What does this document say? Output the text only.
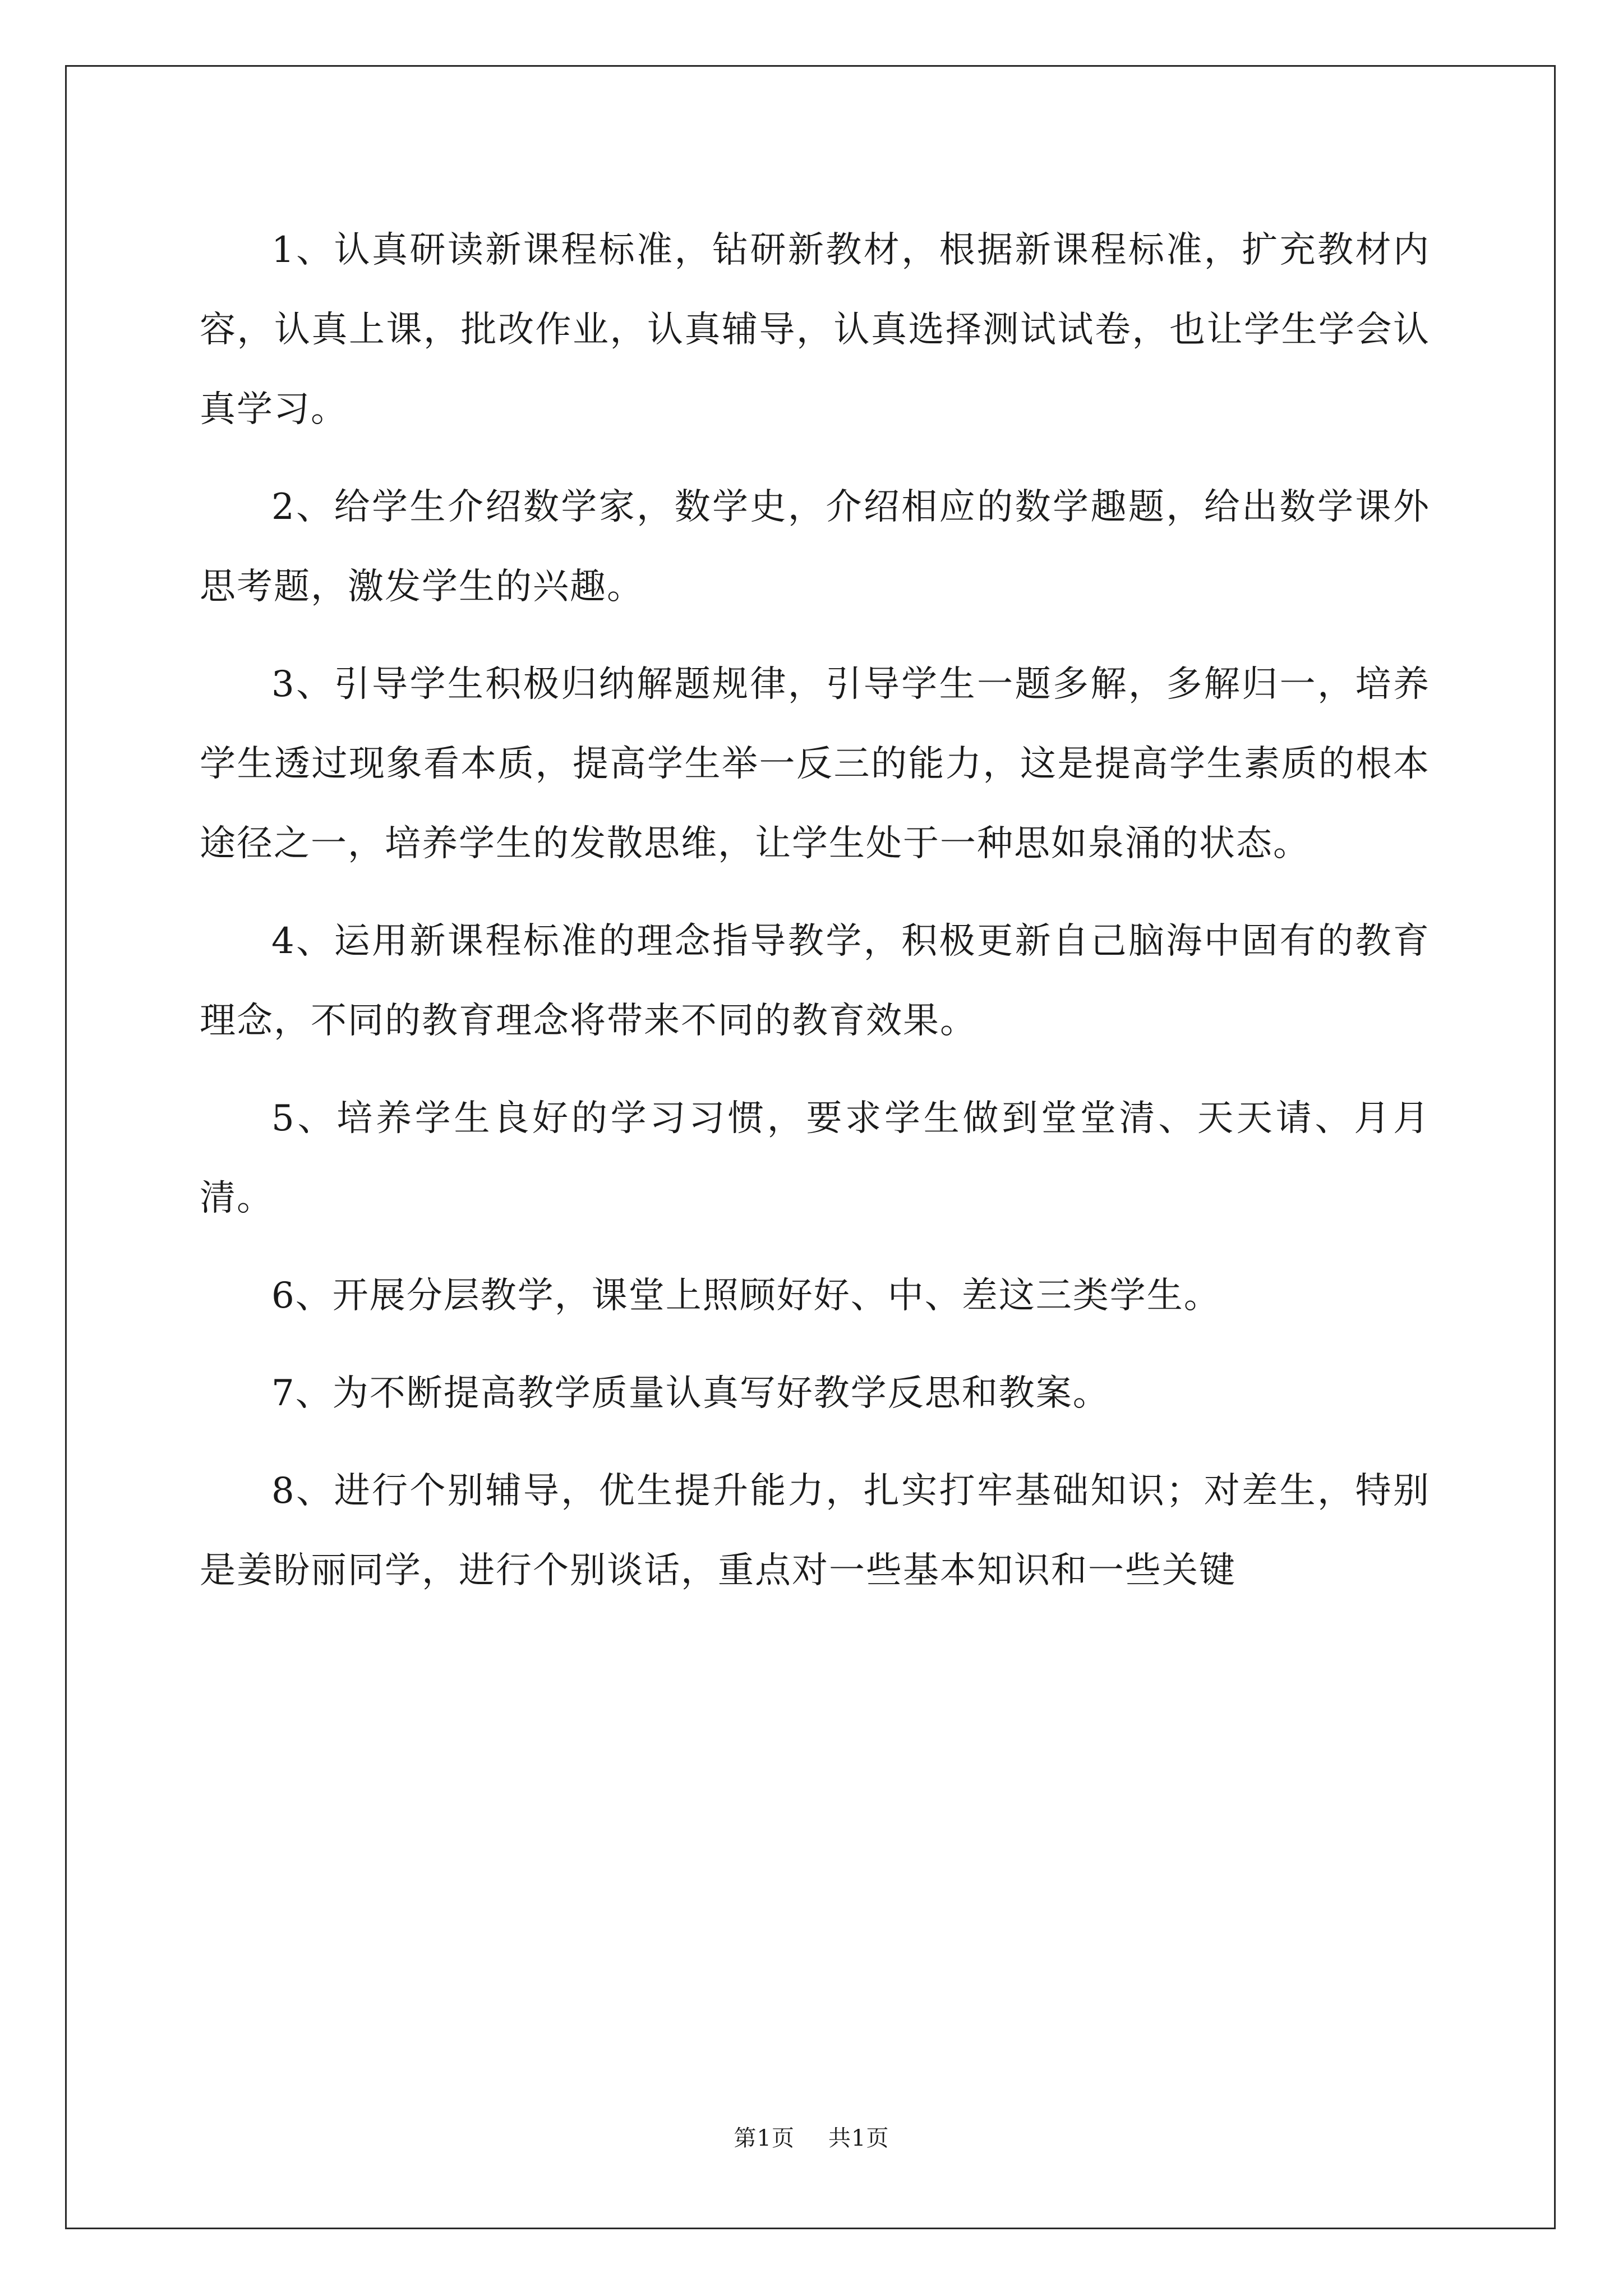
1、认真研读新课程标准，钻研新教材，根据新课程标准，扩充教材内容，认真上课，批改作业，认真辅导，认真选择测试试卷，也让学生学会认真学习。

2、给学生介绍数学家，数学史，介绍相应的数学趣题，给出数学课外思考题，激发学生的兴趣。

3、引导学生积极归纳解题规律，引导学生一题多解，多解归一，培养学生透过现象看本质，提高学生举一反三的能力，这是提高学生素质的根本途径之一，培养学生的发散思维，让学生处于一种思如泉涌的状态。

4、运用新课程标准的理念指导教学，积极更新自己脑海中固有的教育理念，不同的教育理念将带来不同的教育效果。

5、培养学生良好的学习习惯，要求学生做到堂堂清、天天请、月月清。

6、开展分层教学，课堂上照顾好好、中、差这三类学生。

7、为不断提高教学质量认真写好教学反思和教案。

8、进行个别辅导，优生提升能力，扎实打牢基础知识；对差生，特别是姜盼丽同学，进行个别谈话，重点对一些基本知识和一些关键

第1页 共1页
